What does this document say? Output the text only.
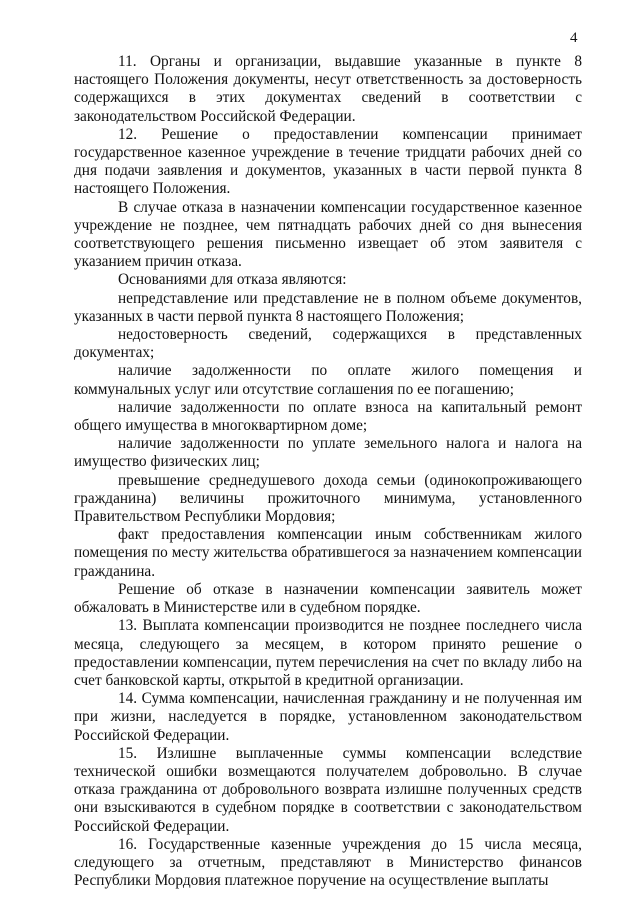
4

11. Органы и организации, выдавшие указанные в пункте 8 настоящего Положения документы, несут ответственность за достоверность содержащихся в этих документах сведений в соответствии с законодательством Российской Федерации.

12. Решение о предоставлении компенсации принимает государственное казенное учреждение в течение тридцати рабочих дней со дня подачи заявления и документов, указанных в части первой пункта 8 настоящего Положения.

В случае отказа в назначении компенсации государственное казенное учреждение не позднее, чем пятнадцать рабочих дней со дня вынесения соответствующего решения письменно извещает об этом заявителя с указанием причин отказа.

Основаниями для отказа являются:

непредставление или представление не в полном объеме документов, указанных в части первой пункта 8 настоящего Положения;

недостоверность сведений, содержащихся в представленных документах;

наличие задолженности по оплате жилого помещения и коммунальных услуг или отсутствие соглашения по ее погашению;

наличие задолженности по оплате взноса на капитальный ремонт общего имущества в многоквартирном доме;

наличие задолженности по уплате земельного налога и налога на имущество физических лиц;

превышение среднедушевого дохода семьи (одинокопроживающего гражданина) величины прожиточного минимума, установленного Правительством Республики Мордовия;

факт предоставления компенсации иным собственникам жилого помещения по месту жительства обратившегося за назначением компенсации гражданина.

Решение об отказе в назначении компенсации заявитель может обжаловать в Министерстве или в судебном порядке.

13. Выплата компенсации производится не позднее последнего числа месяца, следующего за месяцем, в котором принято решение о предоставлении компенсации, путем перечисления на счет по вкладу либо на счет банковской карты, открытой в кредитной организации.

14. Сумма компенсации, начисленная гражданину и не полученная им при жизни, наследуется в порядке, установленном законодательством Российской Федерации.

15. Излишне выплаченные суммы компенсации вследствие технической ошибки возмещаются получателем добровольно. В случае отказа гражданина от добровольного возврата излишне полученных средств они взыскиваются в судебном порядке в соответствии с законодательством Российской Федерации.

16. Государственные казенные учреждения до 15 числа месяца, следующего за отчетным, представляют в Министерство финансов Республики Мордовия платежное поручение на осуществление выплаты
